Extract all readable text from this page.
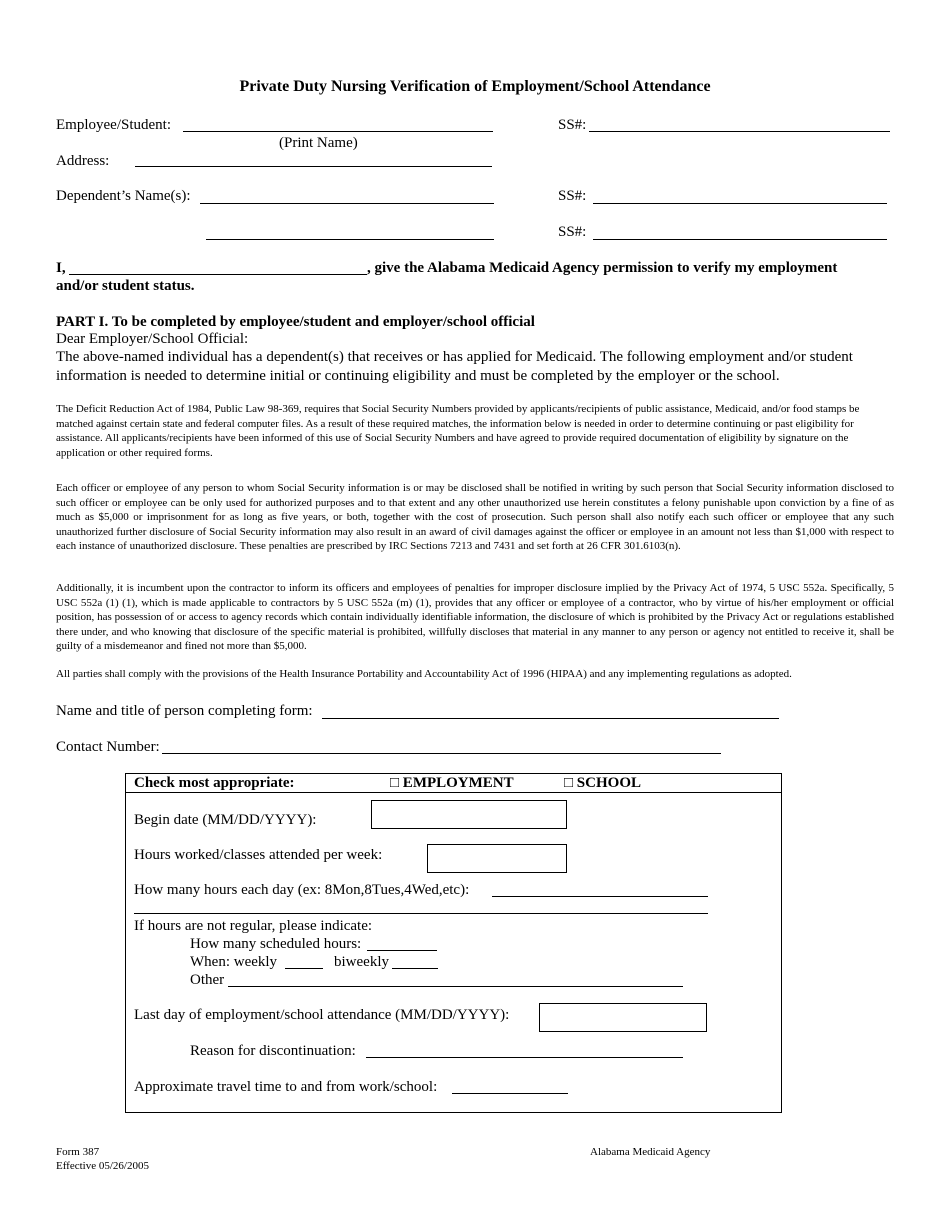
Private Duty Nursing Verification of Employment/School Attendance
Employee/Student:
(Print Name)
SS#:
Address:
Dependent’s Name(s):	SS#:
SS#:
I,	, give the Alabama Medicaid Agency permission to verify my employment
and/or student status.
PART I. To be completed by employee/student and employer/school official
Dear Employer/School Official:
The above-named individual has a dependent(s) that receives or has applied for Medicaid. The following employment and/or student information is needed to determine initial or continuing eligibility and must be completed by the employer or the school.
The Deficit Reduction Act of 1984, Public Law 98-369, requires that Social Security Numbers provided by applicants/recipients of public assistance, Medicaid, and/or food stamps be matched against certain state and federal computer files. As a result of these required matches, the information below is needed in order to determine continuing or past eligibility for assistance. All applicants/recipients have been informed of this use of Social Security Numbers and have agreed to provide required documentation of eligibility by signature on the application or other required forms.
Each officer or employee of any person to whom Social Security information is or may be disclosed shall be notified in writing by such person that Social Security information disclosed to such officer or employee can be only used for authorized purposes and to that extent and any other unauthorized use herein constitutes a felony punishable upon conviction by a fine of as much as $5,000 or imprisonment for as long as five years, or both, together with the cost of prosecution. Such person shall also notify each such officer or employee that any such unauthorized further disclosure of Social Security information may also result in an award of civil damages against the officer or employee in an amount not less than $1,000 with respect to each instance of unauthorized disclosure. These penalties are prescribed by IRC Sections 7213 and 7431 and set forth at 26 CFR 301.6103(n).
Additionally, it is incumbent upon the contractor to inform its officers and employees of penalties for improper disclosure implied by the Privacy Act of 1974, 5 USC 552a. Specifically, 5 USC 552a (1) (1), which is made applicable to contractors by 5 USC 552a (m) (1), provides that any officer or employee of a contractor, who by virtue of his/her employment or official position, has possession of or access to agency records which contain individually identifiable information, the disclosure of which is prohibited by the Privacy Act or regulations established there under, and who knowing that disclosure of the specific material is prohibited, willfully discloses that material in any manner to any person or agency not entitled to receive it, shall be guilty of a misdemeanor and fined not more than $5,000.
All parties shall comply with the provisions of the Health Insurance Portability and Accountability Act of 1996 (HIPAA) and any implementing regulations as adopted.
Name and title of person completing form:
Contact Number:
Check most appropriate:	□ EMPLOYMENT	□ SCHOOL
Begin date (MM/DD/YYYY):
Hours worked/classes attended per week:
How many hours each day (ex: 8Mon,8Tues,4Wed,etc):
If hours are not regular, please indicate:
How many scheduled hours:
When: weekly	biweekly
Other
Last day of employment/school attendance (MM/DD/YYYY):
Reason for discontinuation:
Approximate travel time to and from work/school:
Form 387
Effective 05/26/2005
Alabama Medicaid Agency
